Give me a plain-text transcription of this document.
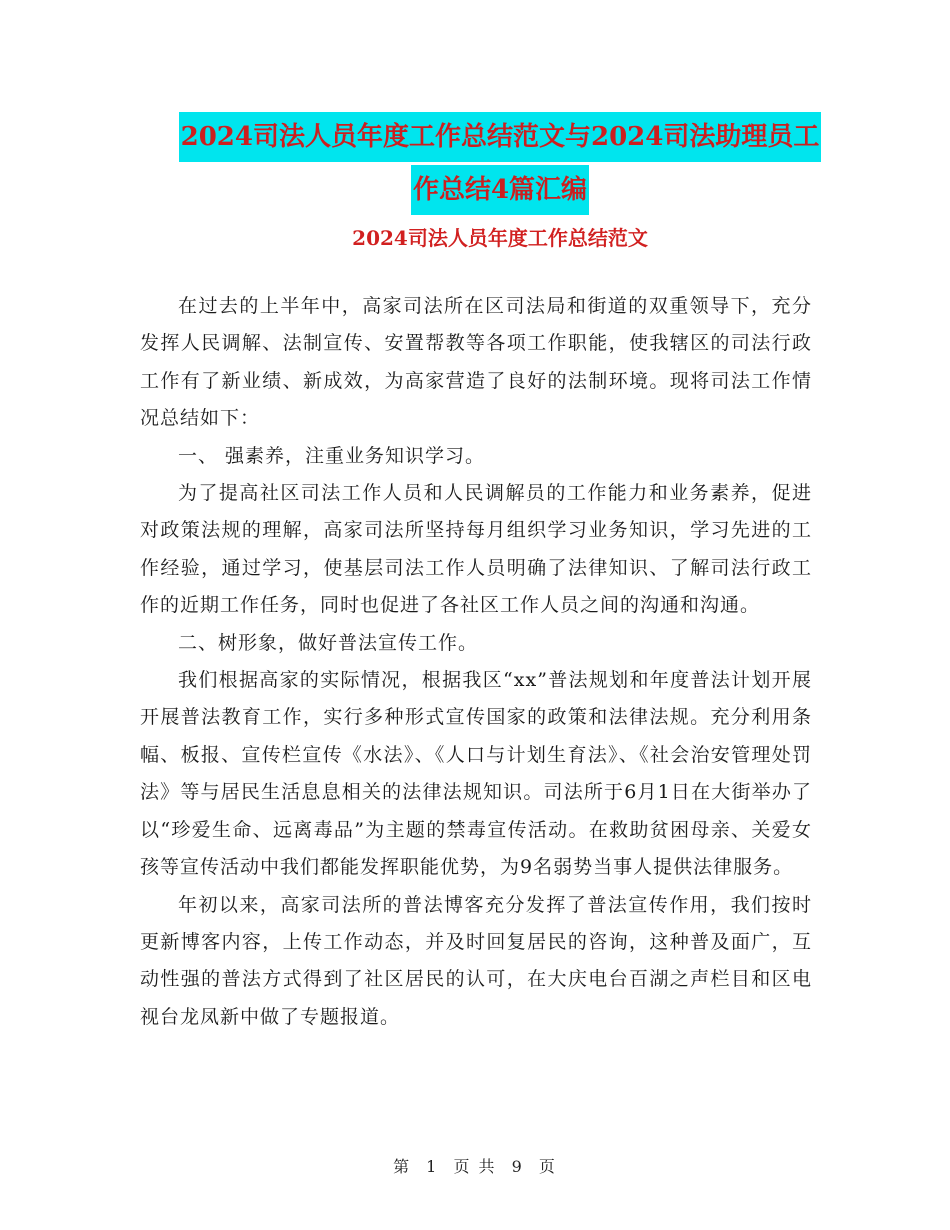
2024司法人员年度工作总结范文与2024司法助理员工
作总结4篇汇编
2024司法人员年度工作总结范文

在过去的上半年中，高家司法所在区司法局和街道的双重领导下，充分发挥人民调解、法制宣传、安置帮教等各项工作职能，使我辖区的司法行政工作有了新业绩、新成效，为高家营造了良好的法制环境。现将司法工作情况总结如下：

一、 强素养，注重业务知识学习。

为了提高社区司法工作人员和人民调解员的工作能力和业务素养，促进对政策法规的理解，高家司法所坚持每月组织学习业务知识，学习先进的工作经验，通过学习，使基层司法工作人员明确了法律知识、了解司法行政工作的近期工作任务，同时也促进了各社区工作人员之间的沟通和沟通。

二、树形象，做好普法宣传工作。

我们根据高家的实际情况，根据我区“xx”普法规划和年度普法计划开展开展普法教育工作，实行多种形式宣传国家的政策和法律法规。充分利用条幅、板报、宣传栏宣传《水法》、《人口与计划生育法》、《社会治安管理处罚法》等与居民生活息息相关的法律法规知识。司法所于6月1日在大街举办了以“珍爱生命、远离毒品”为主题的禁毒宣传活动。在救助贫困母亲、关爱女孩等宣传活动中我们都能发挥职能优势，为9名弱势当事人提供法律服务。

年初以来，高家司法所的普法博客充分发挥了普法宣传作用，我们按时更新博客内容，上传工作动态，并及时回复居民的咨询，这种普及面广，互动性强的普法方式得到了社区居民的认可，在大庆电台百湖之声栏目和区电视台龙凤新中做了专题报道。

第 1 页 共 9 页
